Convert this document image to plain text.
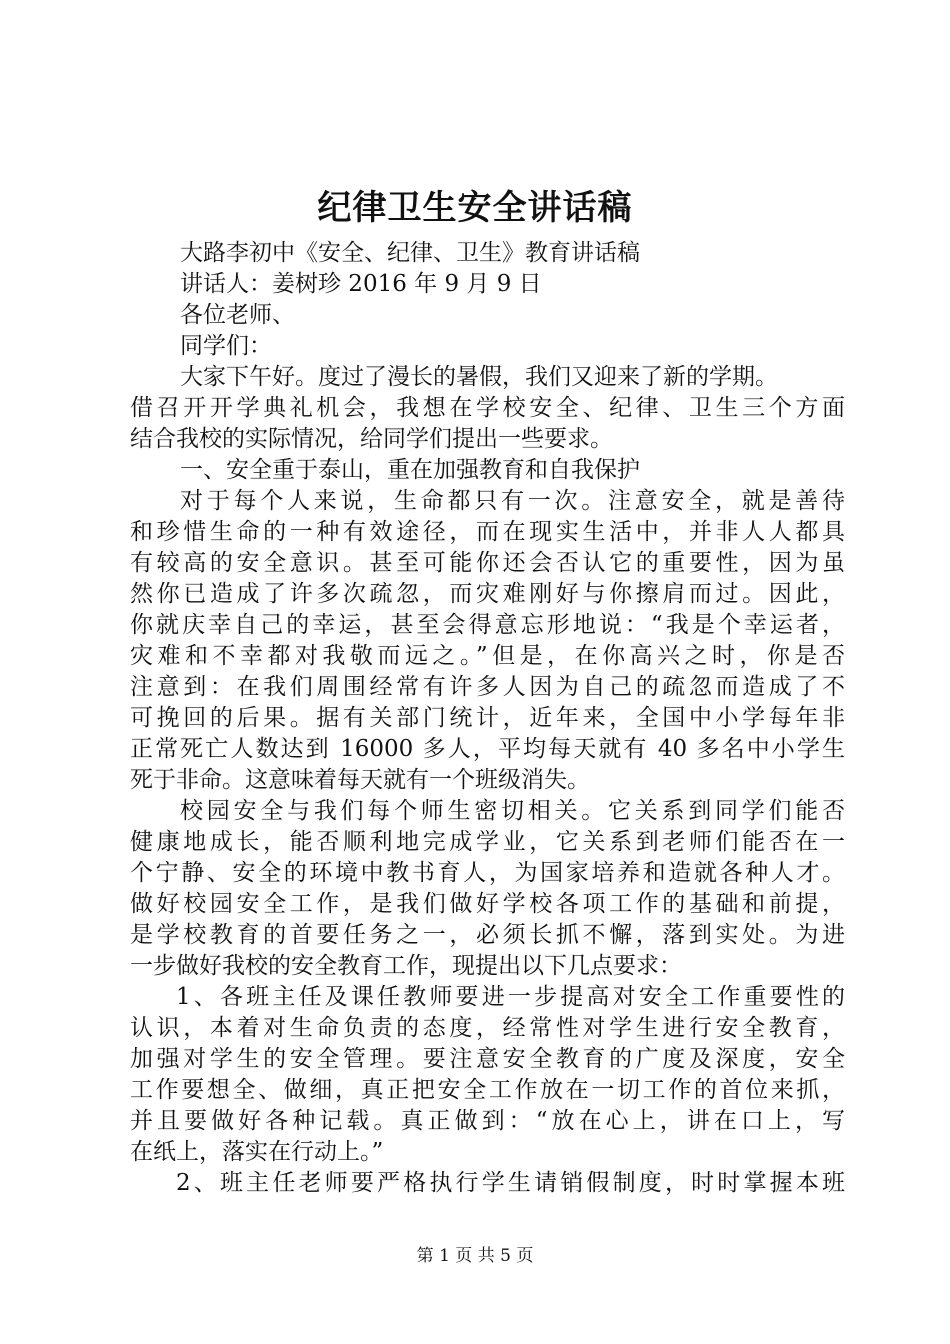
纪律卫生安全讲话稿
大路李初中《安全、纪律、卫生》教育讲话稿
讲话人：姜树珍 2016 年 9 月 9 日
各位老师、
同学们：
大家下午好。度过了漫长的暑假，我们又迎来了新的学期。
借召开开学典礼机会，我想在学校安全、纪律、卫生三个方面
结合我校的实际情况，给同学们提出一些要求。
一、安全重于泰山，重在加强教育和自我保护
对于每个人来说，生命都只有一次。注意安全，就是善待
和珍惜生命的一种有效途径，而在现实生活中，并非人人都具
有较高的安全意识。甚至可能你还会否认它的重要性，因为虽
然你已造成了许多次疏忽，而灾难刚好与你擦肩而过。因此，
你就庆幸自己的幸运，甚至会得意忘形地说：“我是个幸运者，
灾难和不幸都对我敬而远之。”但是，在你高兴之时，你是否
注意到：在我们周围经常有许多人因为自己的疏忽而造成了不
可挽回的后果。据有关部门统计，近年来，全国中小学每年非
正常死亡人数达到 16000 多人，平均每天就有 40 多名中小学生
死于非命。这意味着每天就有一个班级消失。
校园安全与我们每个师生密切相关。它关系到同学们能否
健康地成长，能否顺利地完成学业，它关系到老师们能否在一
个宁静、安全的环境中教书育人，为国家培养和造就各种人才。
做好校园安全工作，是我们做好学校各项工作的基础和前提，
是学校教育的首要任务之一，必须长抓不懈，落到实处。为进
一步做好我校的安全教育工作，现提出以下几点要求：
1、各班主任及课任教师要进一步提高对安全工作重要性的
认识，本着对生命负责的态度，经常性对学生进行安全教育，
加强对学生的安全管理。要注意安全教育的广度及深度，安全
工作要想全、做细，真正把安全工作放在一切工作的首位来抓，
并且要做好各种记载。真正做到：“放在心上，讲在口上，写
在纸上，落实在行动上。”
2、班主任老师要严格执行学生请销假制度，时时掌握本班
第 1 页 共 5 页
